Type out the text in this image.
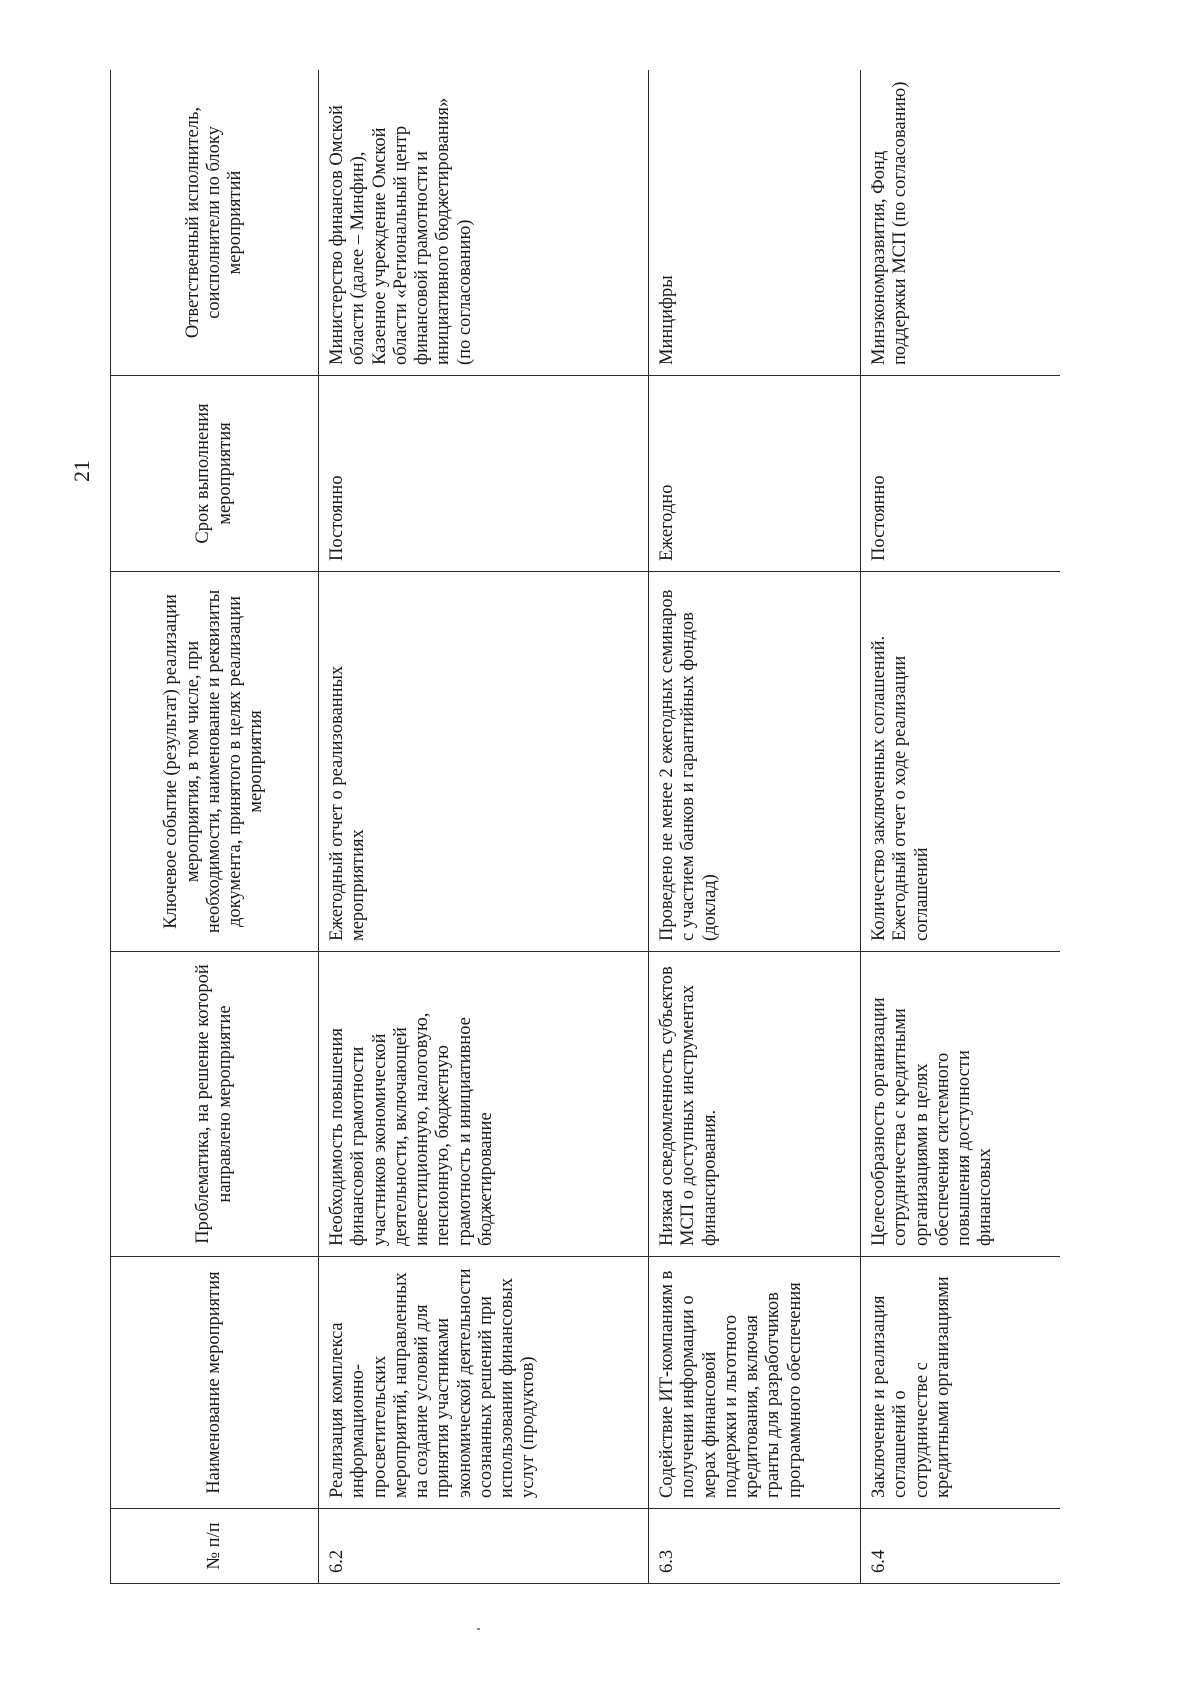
21
№ п/п	Наименование мероприятия	Проблематика, на решение которой направлено мероприятие	Ключевое событие (результат) реализации мероприятия, в том числе, при необходимости, наименование и реквизиты документа, принятого в целях реализации мероприятия	Срок выполнения мероприятия	Ответственный исполнитель, соисполнители по блоку мероприятий
6.2	Реализация комплекса информационно-просветительских мероприятий, направленных на создание условий для принятия участниками экономической деятельности осознанных решений при использовании финансовых услуг (продуктов)	Необходимость повышения финансовой грамотности участников экономической деятельности, включающей инвестиционную, налоговую, пенсионную, бюджетную грамотность и инициативное бюджетирование	Ежегодный отчет о реализованных мероприятиях	Постоянно	Министерство финансов Омской области (далее – Минфин), Казенное учреждение Омской области «Региональный центр финансовой грамотности и инициативного бюджетирования» (по согласованию)
6.3	Содействие ИТ-компаниям в получении информации о мерах финансовой поддержки и льготного кредитования, включая гранты для разработчиков программного обеспечения	Низкая осведомленность субъектов МСП о доступных инструментах финансирования.	Проведено не менее 2 ежегодных семинаров с участием банков и гарантийных фондов (доклад)	Ежегодно	Минцифры
6.4	Заключение и реализация соглашений о сотрудничестве с кредитными организациями	Целесообразность организации сотрудничества с кредитными организациями в целях обеспечения системного повышения доступности финансовых	Количество заключенных соглашений. Ежегодный отчет о ходе реализации соглашений	Постоянно	Минэкономразвития, Фонд поддержки МСП (по согласованию)
